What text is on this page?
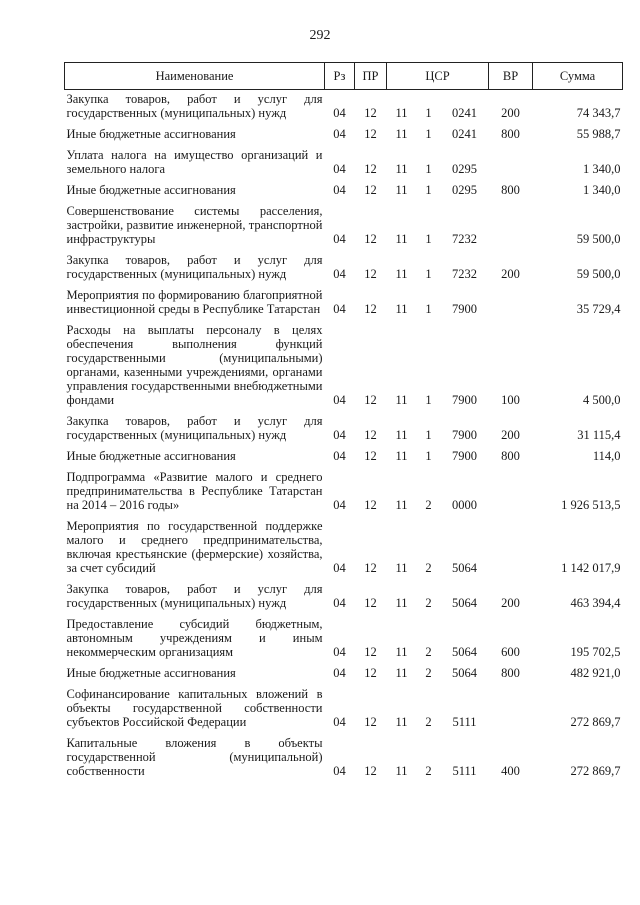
292
Наименование	Рз	ПР	ЦСР			ВР	Сумма
Закупка товаров, работ и услуг для государственных (муниципальных) нужд	04	12	11	1	0241	200	74 343,7
Иные бюджетные ассигнования	04	12	11	1	0241	800	55 988,7
Уплата налога на имущество организаций и земельного налога	04	12	11	1	0295		1 340,0
Иные бюджетные ассигнования	04	12	11	1	0295	800	1 340,0
Совершенствование системы расселения, застройки, развитие инженерной, транспортной инфраструктуры	04	12	11	1	7232		59 500,0
Закупка товаров, работ и услуг для государственных (муниципальных) нужд	04	12	11	1	7232	200	59 500,0
Мероприятия по формированию благоприятной инвестиционной среды в Республике Татарстан	04	12	11	1	7900		35 729,4
Расходы на выплаты персоналу в целях обеспечения выполнения функций государственными (муниципальными) органами, казенными учреждениями, органами управления государственными внебюджетными фондами	04	12	11	1	7900	100	4 500,0
Закупка товаров, работ и услуг для государственных (муниципальных) нужд	04	12	11	1	7900	200	31 115,4
Иные бюджетные ассигнования	04	12	11	1	7900	800	114,0
Подпрограмма «Развитие малого и среднего предпринимательства в Республике Татарстан на 2014 – 2016 годы»	04	12	11	2	0000		1 926 513,5
Мероприятия по государственной поддержке малого и среднего предпринимательства, включая крестьянские (фермерские) хозяйства, за счет субсидий	04	12	11	2	5064		1 142 017,9
Закупка товаров, работ и услуг для государственных (муниципальных) нужд	04	12	11	2	5064	200	463 394,4
Предоставление субсидий бюджетным, автономным учреждениям и иным некоммерческим организациям	04	12	11	2	5064	600	195 702,5
Иные бюджетные ассигнования	04	12	11	2	5064	800	482 921,0
Софинансирование капитальных вложений в объекты государственной собственности субъектов Российской Федерации	04	12	11	2	5111		272 869,7
Капитальные вложения в объекты государственной (муниципальной) собственности	04	12	11	2	5111	400	272 869,7
